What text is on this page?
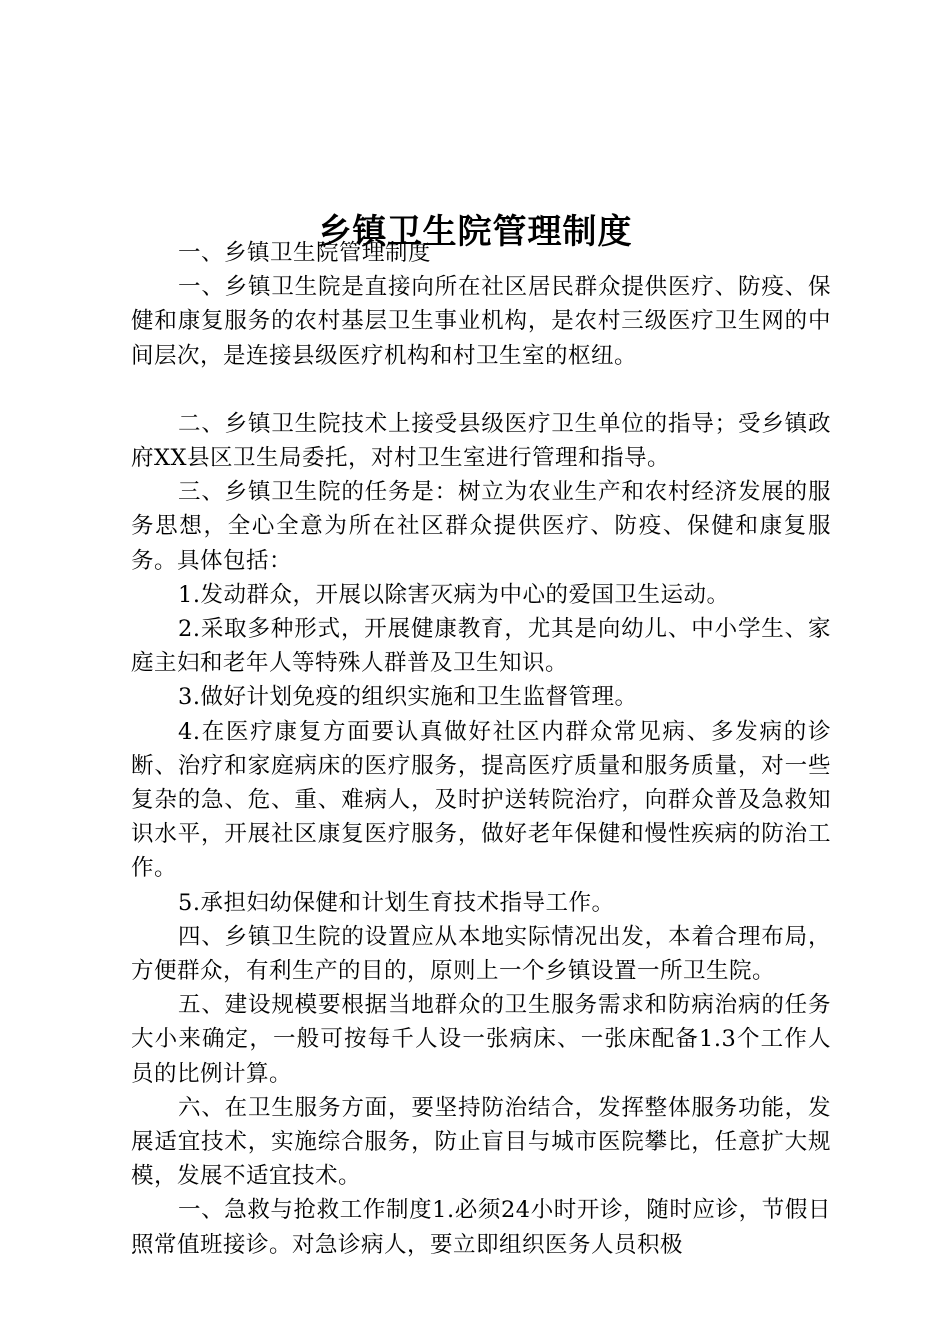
乡镇卫生院管理制度

一、乡镇卫生院管理制度

一、乡镇卫生院是直接向所在社区居民群众提供医疗、防疫、保健和康复服务的农村基层卫生事业机构，是农村三级医疗卫生网的中间层次，是连接县级医疗机构和村卫生室的枢纽。

二、乡镇卫生院技术上接受县级医疗卫生单位的指导；受乡镇政府XX县区卫生局委托，对村卫生室进行管理和指导。

三、乡镇卫生院的任务是：树立为农业生产和农村经济发展的服务思想，全心全意为所在社区群众提供医疗、防疫、保健和康复服务。具体包括：

1.发动群众，开展以除害灭病为中心的爱国卫生运动。

2.采取多种形式，开展健康教育，尤其是向幼儿、中小学生、家庭主妇和老年人等特殊人群普及卫生知识。

3.做好计划免疫的组织实施和卫生监督管理。

4.在医疗康复方面要认真做好社区内群众常见病、多发病的诊断、治疗和家庭病床的医疗服务，提高医疗质量和服务质量，对一些复杂的急、危、重、难病人，及时护送转院治疗，向群众普及急救知识水平，开展社区康复医疗服务，做好老年保健和慢性疾病的防治工作。

5.承担妇幼保健和计划生育技术指导工作。

四、乡镇卫生院的设置应从本地实际情况出发，本着合理布局，方便群众，有利生产的目的，原则上一个乡镇设置一所卫生院。

五、建设规模要根据当地群众的卫生服务需求和防病治病的任务大小来确定，一般可按每千人设一张病床、一张床配备1.3个工作人员的比例计算。

六、在卫生服务方面，要坚持防治结合，发挥整体服务功能，发展适宜技术，实施综合服务，防止盲目与城市医院攀比，任意扩大规模，发展不适宜技术。

一、急救与抢救工作制度1.必须24小时开诊，随时应诊，节假日照常值班接诊。对急诊病人，要立即组织医务人员积极
